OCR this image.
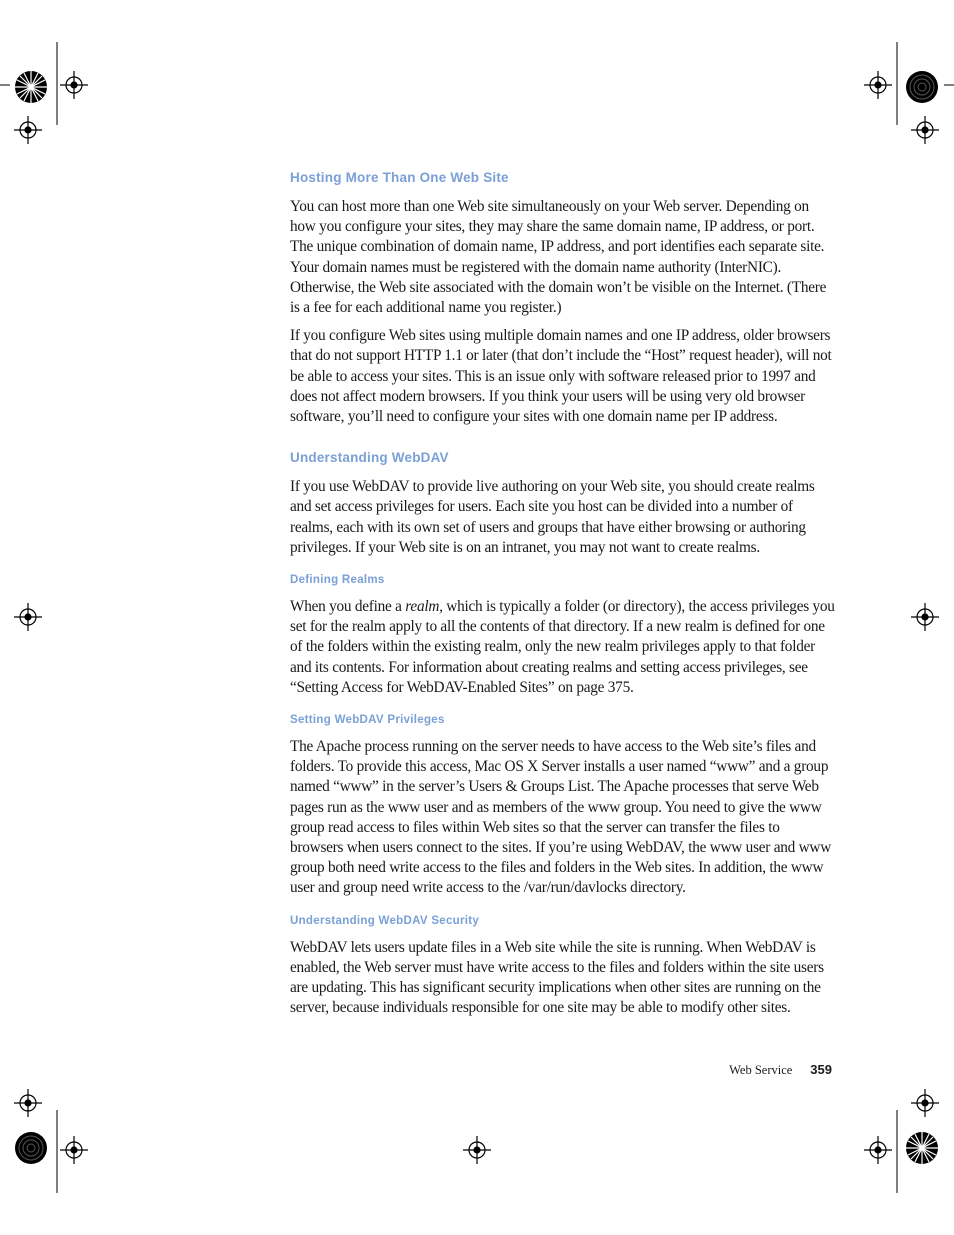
Hosting More Than One Web Site

You can host more than one Web site simultaneously on your Web server. Depending on how you configure your sites, they may share the same domain name, IP address, or port. The unique combination of domain name, IP address, and port identifies each separate site. Your domain names must be registered with the domain name authority (InterNIC). Otherwise, the Web site associated with the domain won’t be visible on the Internet. (There is a fee for each additional name you register.)

If you configure Web sites using multiple domain names and one IP address, older browsers that do not support HTTP 1.1 or later (that don’t include the “Host” request header), will not be able to access your sites. This is an issue only with software released prior to 1997 and does not affect modern browsers. If you think your users will be using very old browser software, you’ll need to configure your sites with one domain name per IP address.

Understanding WebDAV

If you use WebDAV to provide live authoring on your Web site, you should create realms and set access privileges for users. Each site you host can be divided into a number of realms, each with its own set of users and groups that have either browsing or authoring privileges. If your Web site is on an intranet, you may not want to create realms.

Defining Realms

When you define a realm, which is typically a folder (or directory), the access privileges you set for the realm apply to all the contents of that directory. If a new realm is defined for one of the folders within the existing realm, only the new realm privileges apply to that folder and its contents. For information about creating realms and setting access privileges, see “Setting Access for WebDAV-Enabled Sites” on page 375.

Setting WebDAV Privileges

The Apache process running on the server needs to have access to the Web site’s files and folders. To provide this access, Mac OS X Server installs a user named “www” and a group named “www” in the server’s Users & Groups List. The Apache processes that serve Web pages run as the www user and as members of the www group. You need to give the www group read access to files within Web sites so that the server can transfer the files to browsers when users connect to the sites. If you’re using WebDAV, the www user and www group both need write access to the files and folders in the Web sites. In addition, the www user and group need write access to the /var/run/davlocks directory.

Understanding WebDAV Security

WebDAV lets users update files in a Web site while the site is running. When WebDAV is enabled, the Web server must have write access to the files and folders within the site users are updating. This has significant security implications when other sites are running on the server, because individuals responsible for one site may be able to modify other sites.

Web Service 359
